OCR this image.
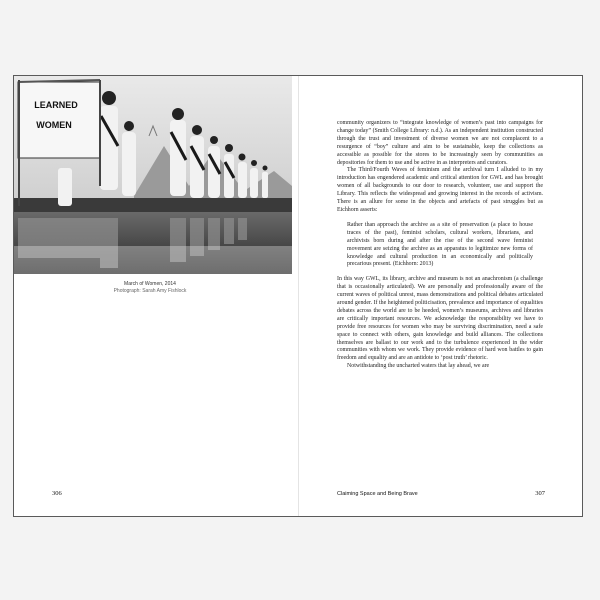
LEARNED
WOMEN
March of Women, 2014
Photograph: Sarah Amy Fishlock
306

community organizers to “integrate knowledge of women’s past into campaigns for change today” (Smith College Library: n.d.). As an independent institution constructed through the trust and investment of diverse women we are not complacent to a resurgence of “boy” culture and aim to be sustainable, keep the collections as accessible as possible for the stores to be increasingly seen by communities as depositories for them to use and be active in as interpreters and curators.

The Third/Fourth Waves of feminism and the archival turn I alluded to in my introduction has engendered academic and critical attention for GWL and has brought women of all backgrounds to our door to research, volunteer, use and support the Library. This reflects the widespread and growing interest in the records of activism. There is an allure for some in the objects and artefacts of past struggles but as Eichhorn asserts:

Rather than approach the archive as a site of preservation (a place to house traces of the past), feminist scholars, cultural workers, librarians, and archivists born during and after the rise of the second wave feminist movement are seizing the archive as an apparatus to legitimize new forms of knowledge and cultural production in an economically and politically precarious present. (Eichhorn: 2013)

In this way GWL, its library, archive and museum is not an anachronism (a challenge that is occasionally articulated). We are personally and professionally aware of the current waves of political unrest, mass demonstrations and political debates articulated around gender. If the heightened politicisation, prevalence and importance of equalities debates across the world are to be heeded, women’s museums, archives and libraries are critically important resources. We acknowledge the responsibility we have to provide free resources for women who may be surviving discrimination, need a safe space to connect with others, gain knowledge and build alliances. The collections themselves are ballast to our work and to the turbulence experienced in the wider communities with whom we work. They provide evidence of hard won battles to gain freedom and equality and are an antidote to ‘post truth’ rhetoric.

Notwithstanding the uncharted waters that lay ahead, we are

Claiming Space and Being Brave	307
